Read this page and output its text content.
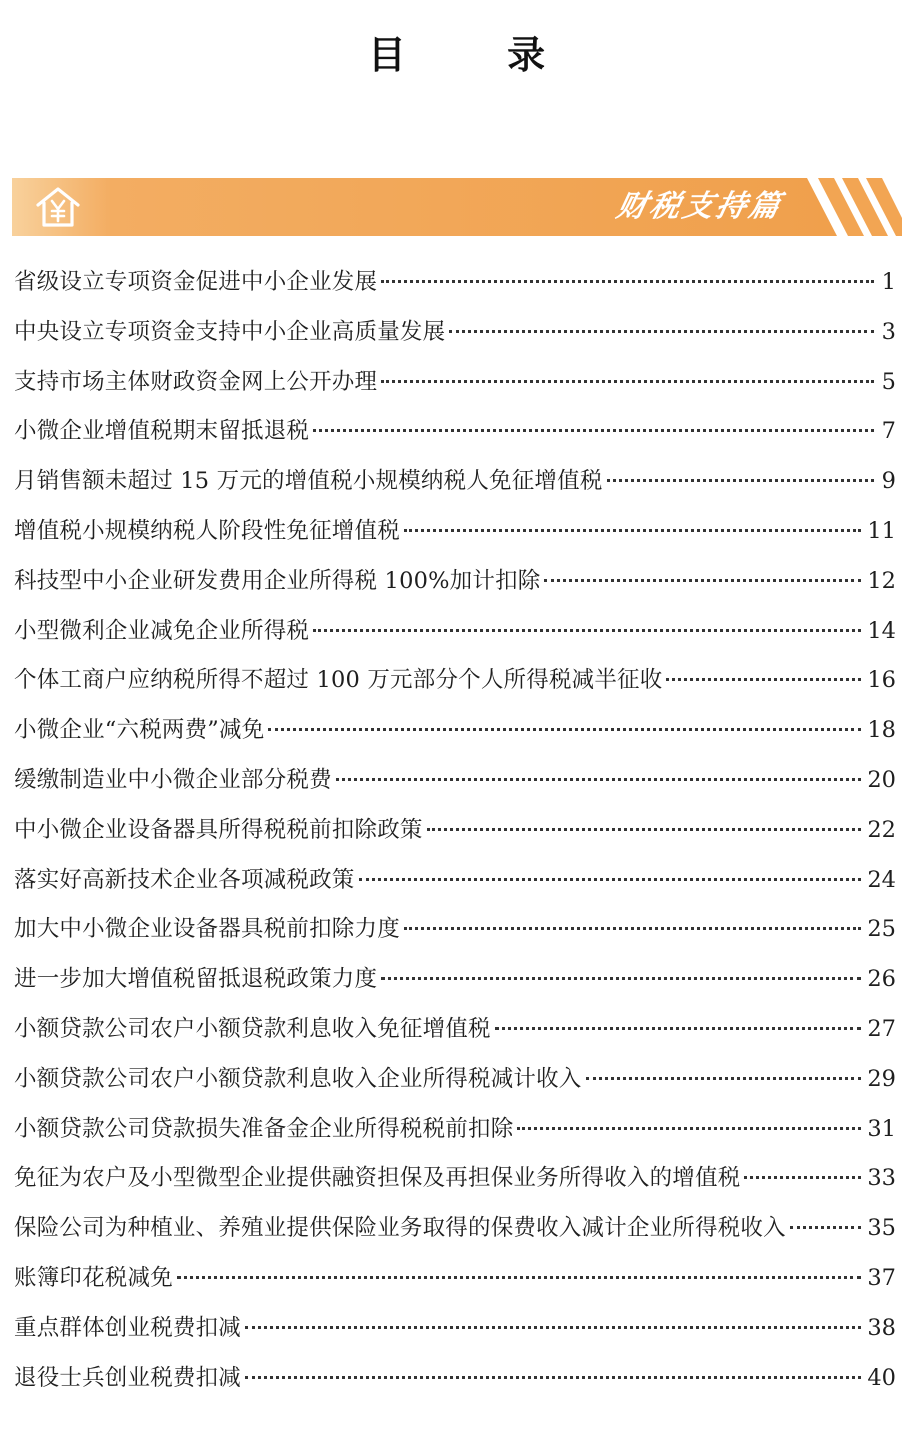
目 录
财税支持篇
省级设立专项资金促进中小企业发展	1
中央设立专项资金支持中小企业高质量发展	3
支持市场主体财政资金网上公开办理	5
小微企业增值税期末留抵退税	7
月销售额未超过 15 万元的增值税小规模纳税人免征增值税	9
增值税小规模纳税人阶段性免征增值税	11
科技型中小企业研发费用企业所得税 100%加计扣除	12
小型微利企业减免企业所得税	14
个体工商户应纳税所得不超过 100 万元部分个人所得税减半征收	16
小微企业“六税两费”减免	18
缓缴制造业中小微企业部分税费	20
中小微企业设备器具所得税税前扣除政策	22
落实好高新技术企业各项减税政策	24
加大中小微企业设备器具税前扣除力度	25
进一步加大增值税留抵退税政策力度	26
小额贷款公司农户小额贷款利息收入免征增值税	27
小额贷款公司农户小额贷款利息收入企业所得税减计收入	29
小额贷款公司贷款损失准备金企业所得税税前扣除	31
免征为农户及小型微型企业提供融资担保及再担保业务所得收入的增值税	33
保险公司为种植业、养殖业提供保险业务取得的保费收入减计企业所得税收入	35
账簿印花税减免	37
重点群体创业税费扣减	38
退役士兵创业税费扣减	40
